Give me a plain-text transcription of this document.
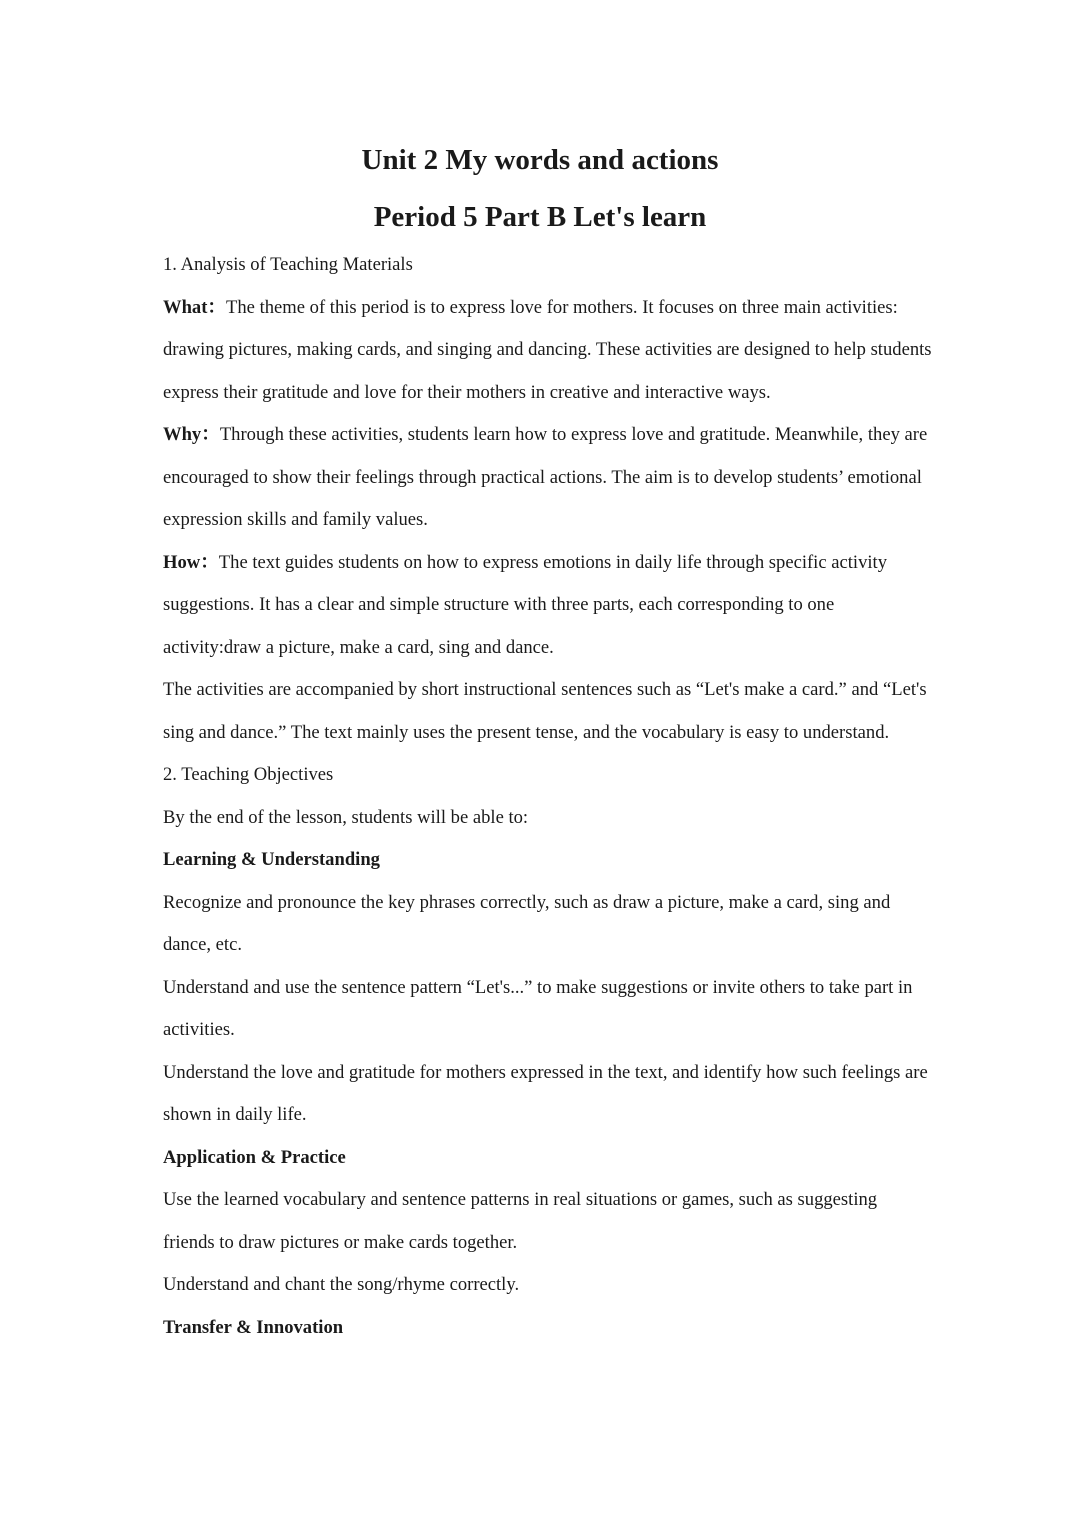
Unit 2 My words and actions
Period 5 Part B Let's learn

1. Analysis of Teaching Materials

What：The theme of this period is to express love for mothers. It focuses on three main activities: drawing pictures, making cards, and singing and dancing. These activities are designed to help students express their gratitude and love for their mothers in creative and interactive ways.

Why：Through these activities, students learn how to express love and gratitude. Meanwhile, they are encouraged to show their feelings through practical actions. The aim is to develop students’ emotional expression skills and family values.

How：The text guides students on how to express emotions in daily life through specific activity suggestions. It has a clear and simple structure with three parts, each corresponding to one activity:draw a picture, make a card, sing and dance.

The activities are accompanied by short instructional sentences such as “Let's make a card.” and “Let's sing and dance.” The text mainly uses the present tense, and the vocabulary is easy to understand.

2. Teaching Objectives

By the end of the lesson, students will be able to:

Learning & Understanding

Recognize and pronounce the key phrases correctly, such as draw a picture, make a card, sing and dance, etc.

Understand and use the sentence pattern “Let's...” to make suggestions or invite others to take part in activities.

Understand the love and gratitude for mothers expressed in the text, and identify how such feelings are shown in daily life.

Application & Practice

Use the learned vocabulary and sentence patterns in real situations or games, such as suggesting friends to draw pictures or make cards together.

Understand and chant the song/rhyme correctly.

Transfer & Innovation
